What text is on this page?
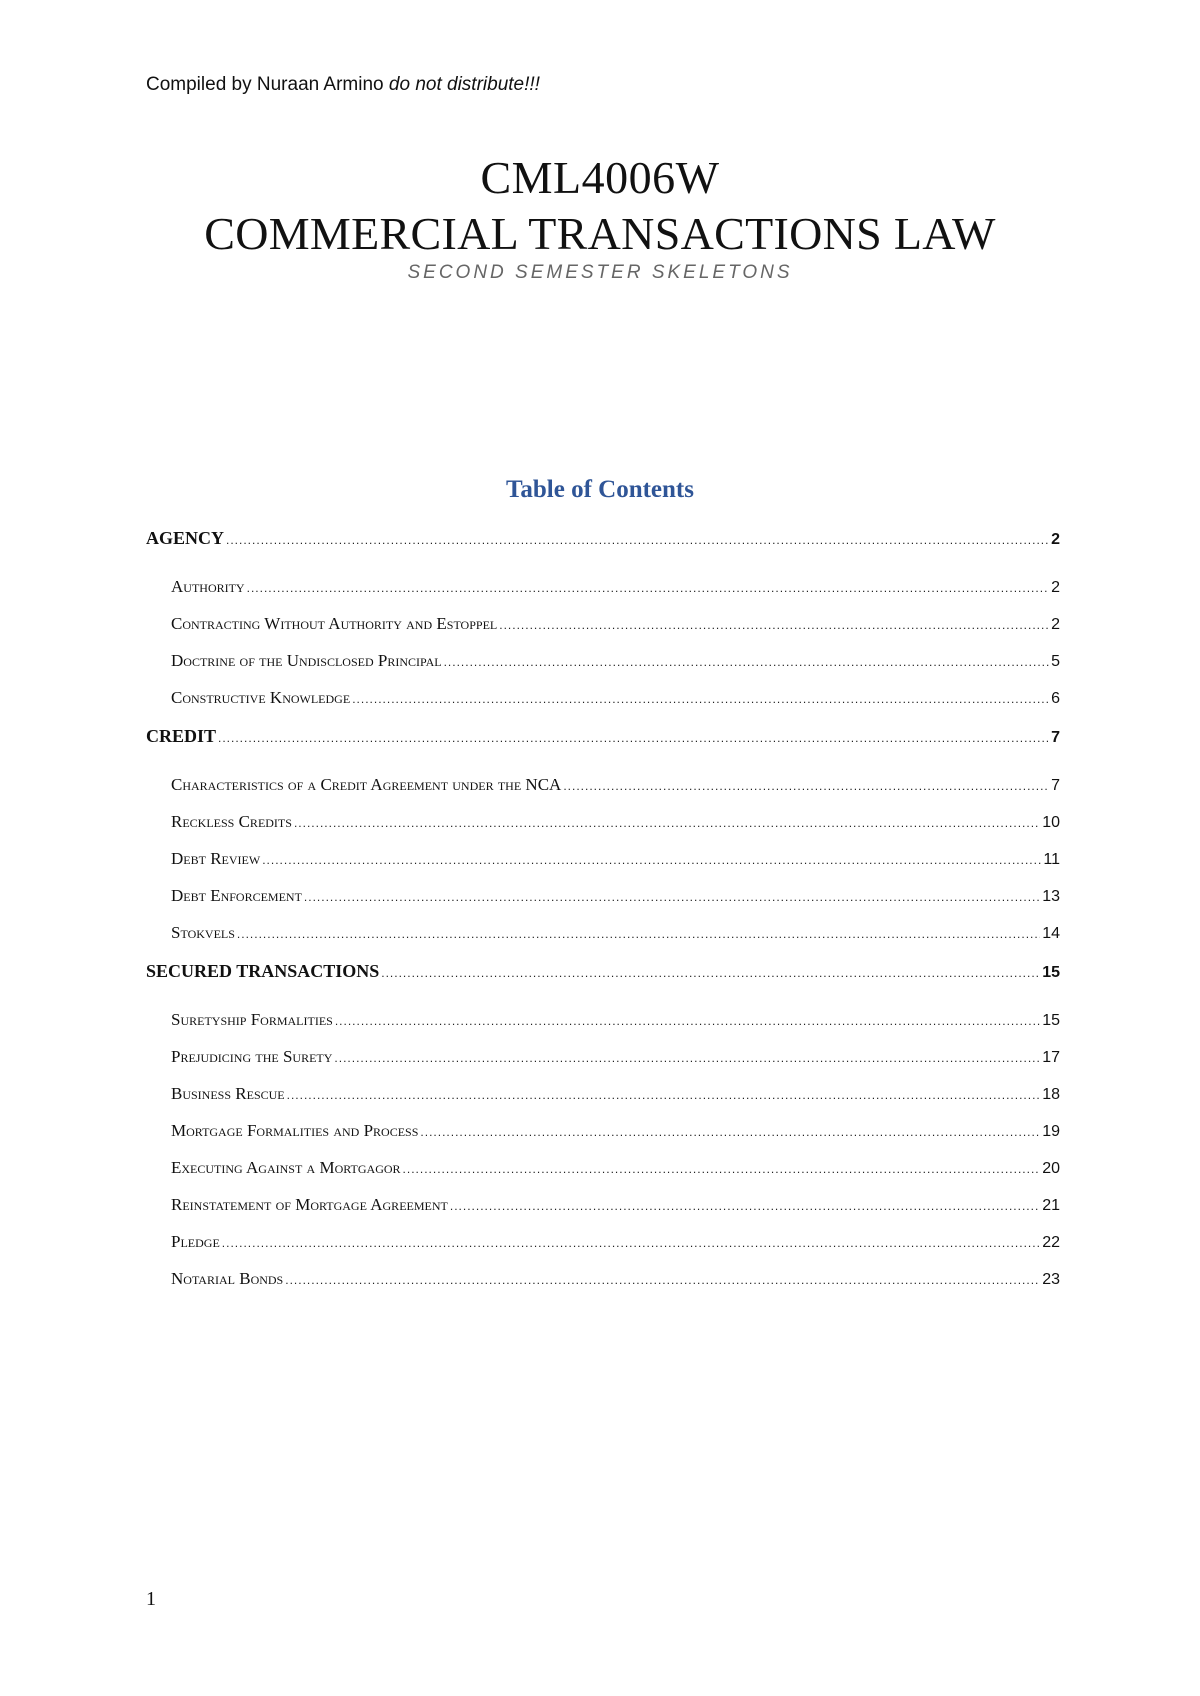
Compiled by Nuraan Armino do not distribute!!!
CML4006W
COMMERCIAL TRANSACTIONS LAW
SECOND SEMESTER SKELETONS
Table of Contents
AGENCY .....	2
Authority .....	2
Contracting Without Authority and Estoppel .....	2
Doctrine of the Undisclosed Principal .....	5
Constructive Knowledge .....	6
CREDIT .....	7
Characteristics of a Credit Agreement under the NCA .....	7
Reckless Credits .....	10
Debt Review .....	11
Debt Enforcement .....	13
Stokvels .....	14
SECURED TRANSACTIONS .....	15
Suretyship Formalities .....	15
Prejudicing the Surety .....	17
Business Rescue .....	18
Mortgage Formalities and Process .....	19
Executing Against a Mortgagor .....	20
Reinstatement of Mortgage Agreement .....	21
Pledge .....	22
Notarial Bonds .....	23
1
